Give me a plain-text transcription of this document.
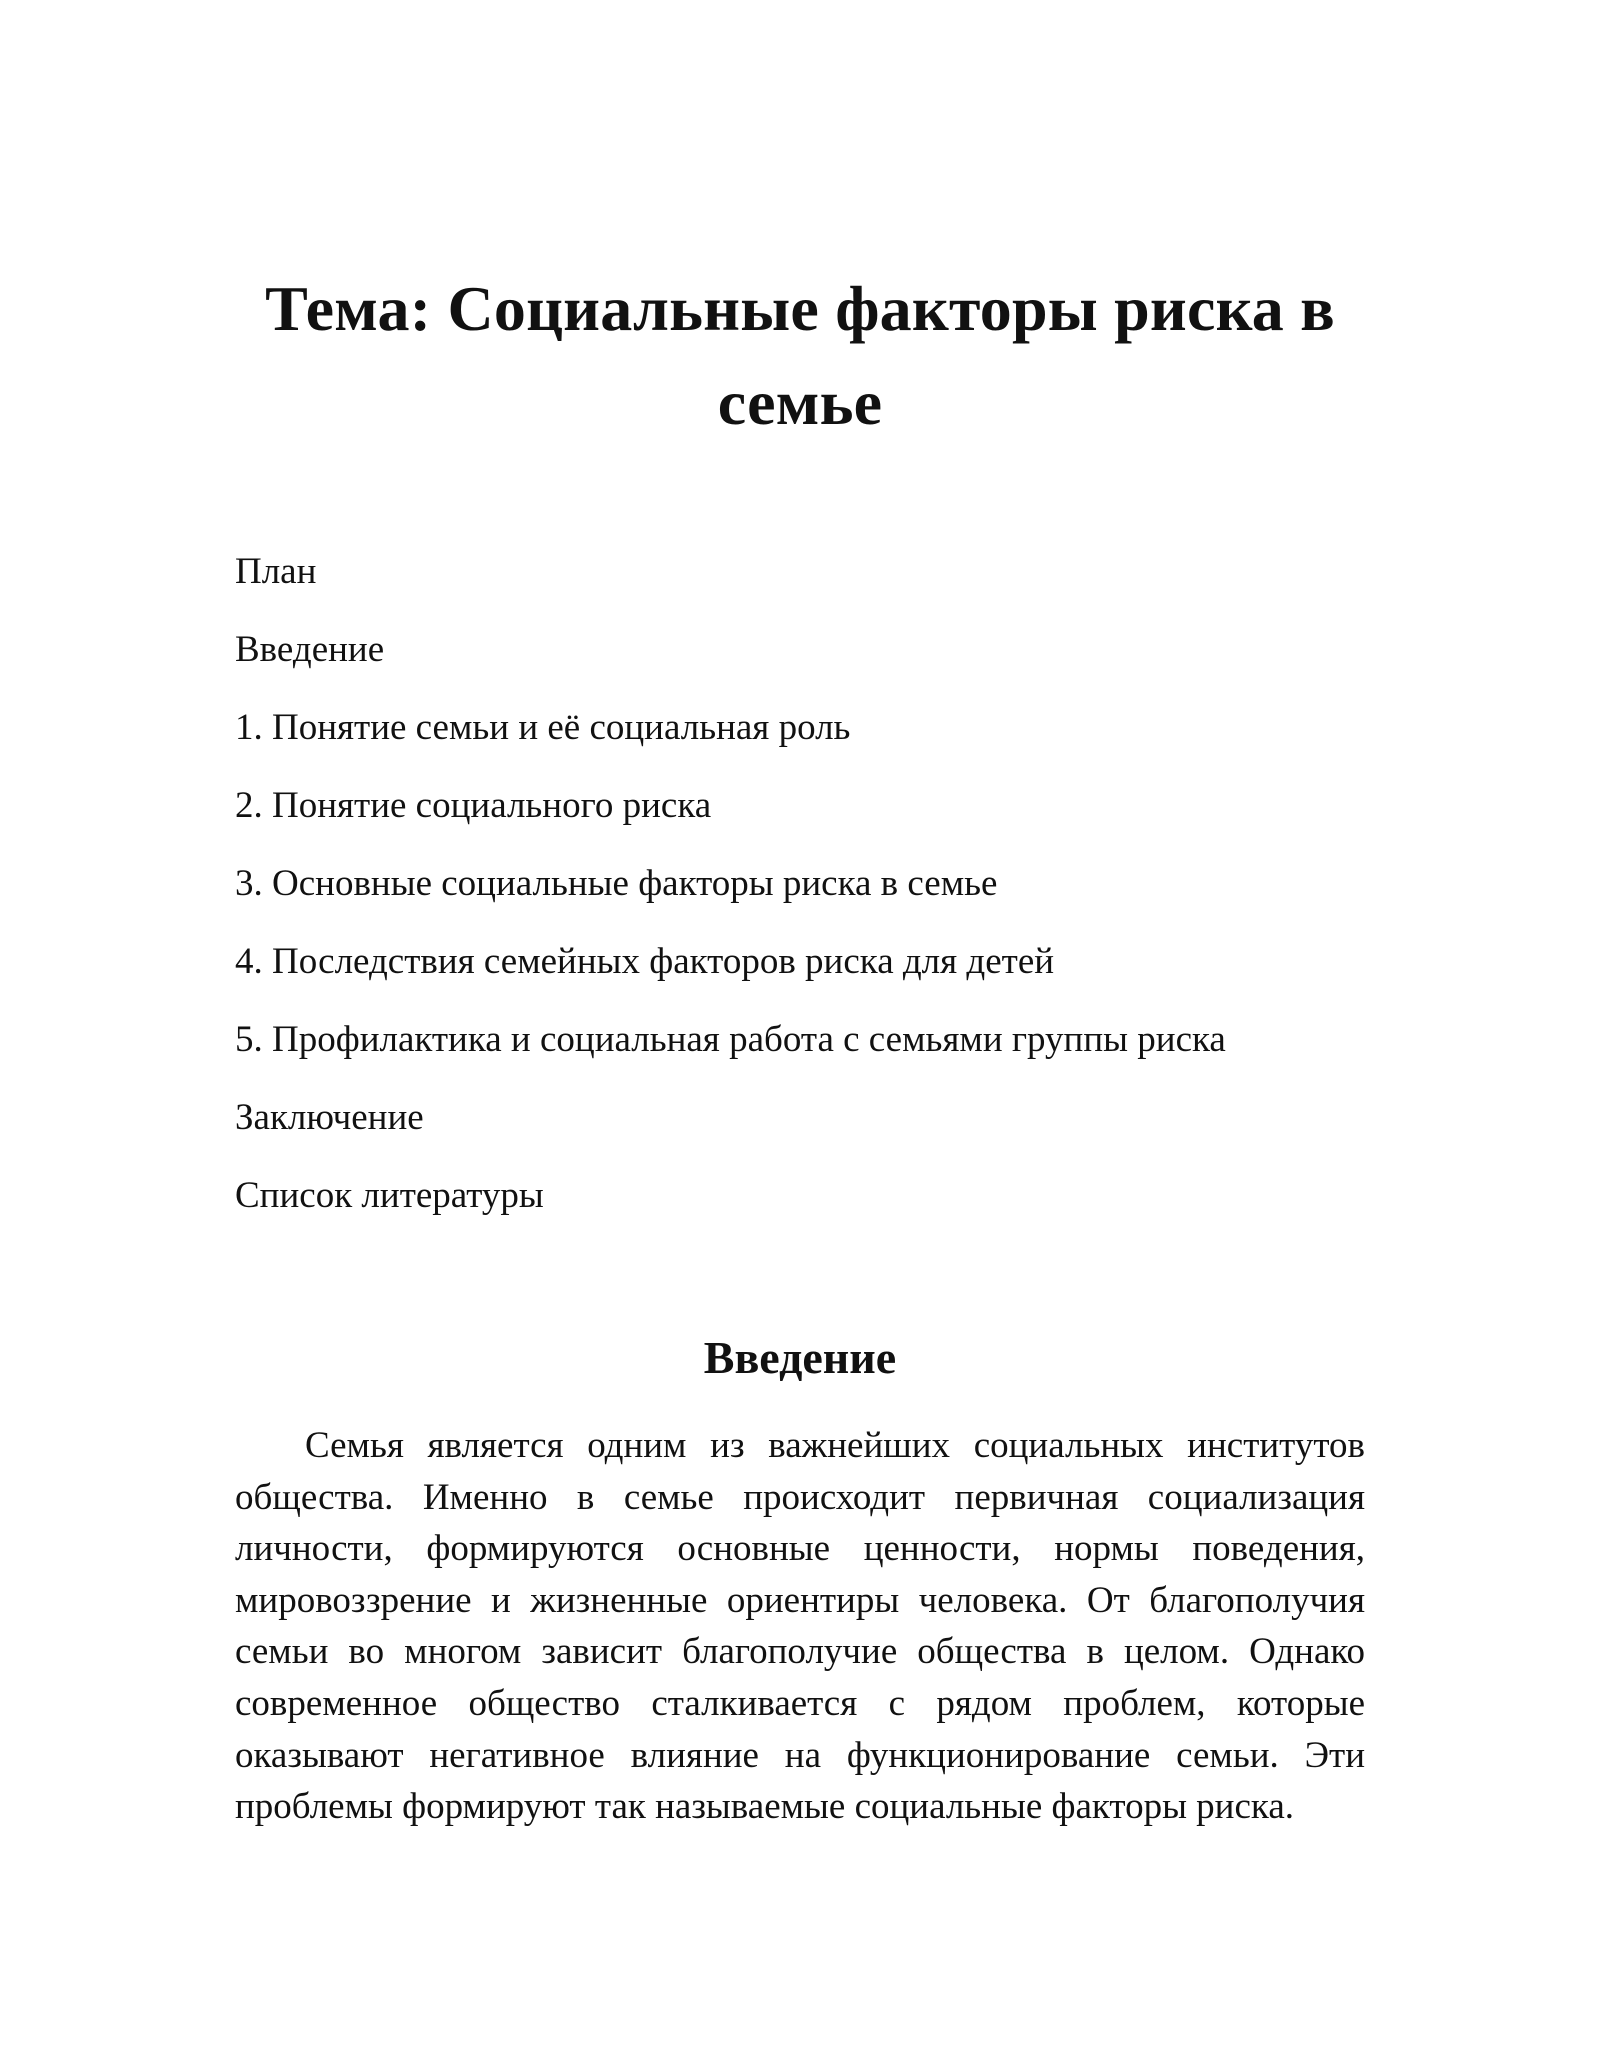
Тема: Социальные факторы риска в семье
План
Введение
1. Понятие семьи и её социальная роль
2. Понятие социального риска
3. Основные социальные факторы риска в семье
4. Последствия семейных факторов риска для детей
5. Профилактика и социальная работа с семьями группы риска
Заключение
Список литературы
Введение

Семья является одним из важнейших социальных институтов общества. Именно в семье происходит первичная социализация личности, формируются основные ценности, нормы поведения, мировоззрение и жизненные ориентиры человека. От благополучия семьи во многом зависит благополучие общества в целом. Однако современное общество сталкивается с рядом проблем, которые оказывают негативное влияние на функционирование семьи. Эти проблемы формируют так называемые социальные факторы риска.
